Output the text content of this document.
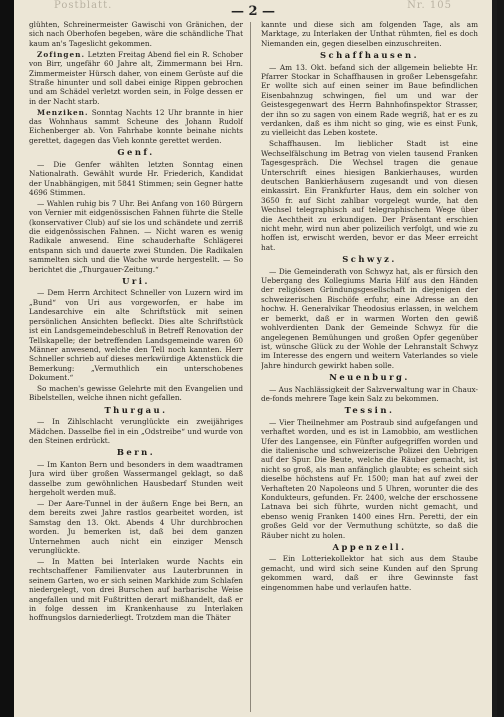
Postblatt.	Nr. 105
— 2 —

glühten, Schreinermeister Gawischi von Gränichen, der sich nach Oberhofen begeben, wäre die schändliche That kaum an's Tageslicht gekommen.

Zofingen. Letzten Freitag Abend fiel ein R. Schober von Birr, ungefähr 60 Jahre alt, Zimmermann bei Hrn. Zimmermeister Hürsch daher, von einem Gerüste auf die Straße hinunter und soll dabei einige Rippen gebrochen und am Schädel verletzt worden sein, in Folge dessen er in der Nacht starb.

Menziken. Sonntag Nachts 12 Uhr brannte in hier das Wohnhaus sammt Scheune des Johann Rudolf Eichenberger ab. Von Fahrhabe konnte beinahe nichts gerettet, dagegen das Vieh konnte gerettet werden.

Genf.

— Die Genfer wählten letzten Sonntag einen Nationalrath. Gewählt wurde Hr. Friederich, Kandidat der Unabhängigen, mit 5841 Stimmen; sein Gegner hatte 4696 Stimmen.

— Wahlen ruhig bis 7 Uhr. Bei Anfang von 160 Bürgern von Vernier mit eidgenössischen Fahnen führte die Stelle (konservativer Club) auf sie los und schändete und zerriß die eidgenössischen Fahnen. — Nicht waren es wenig Radikale anwesend. Eine schauderhafte Schlägerei entspann sich und dauerte zwei Stunden. Die Radikalen sammelten sich und die Wache wurde hergestellt. — So berichtet die „Thurgauer-Zeitung.“

Uri.

— Dem Herrn Architect Schneller von Luzern wird im „Bund“ von Uri aus vorgeworfen, er habe im Landesarchive ein alte Schriftstück mit seinen persönlichen Ansichten befleckt. Dies alte Schriftstück ist ein Landsgemeindebeschluß in Betreff Renovation der Tellskapelle; der betreffenden Landsgemeinde waren 60 Männer anwesend, welche den Tell noch kannten. Herr Schneller schrieb auf dieses merkwürdige Aktenstück die Bemerkung: „Vermuthlich ein unterschobenes Dokument.“

So machen's gewisse Gelehrte mit den Evangelien und Bibelstellen, welche ihnen nicht gefallen.

Thurgau.

— In Zihlschlacht verunglückte ein zweijähriges Mädchen. Dasselbe fiel in ein „Odstreibe“ und wurde von den Steinen erdrückt.

Bern.

— Im Kanton Bern und besonders in dem waadtramen Jura wird über großen Wassermangel geklagt, so daß dasselbe zum gewöhnlichen Hausbedarf Stunden weit hergeholt werden muß.

— Der Aare-Tunnel in der äußern Enge bei Bern, an dem bereits zwei Jahre rastlos gearbeitet worden, ist Samstag den 13. Okt. Abends 4 Uhr durchbrochen worden. Ju bemerken ist, daß bei dem ganzen Unternehmen auch nicht ein einziger Mensch verunglückte.

— In Matten bei Interlaken wurde Nachts ein rechtschaffener Familienvater aus Lauterbrunnen in seinem Garten, wo er sich seinen Markhide zum Schlafen niedergelegt, von drei Burschen auf barbarische Weise angefallen und mit Fußtritten derart mißhandelt, daß er in folge dessen im Krankenhause zu Interlaken hoffnungslos darniederliegt. Trotzdem man die Thäter

kannte und diese sich am folgenden Tage, als am Marktage, zu Interlaken der Unthat rühmten, fiel es doch Niemanden ein, gegen dieselben einzuschreiten.

Schaffhausen.

— Am 13. Okt. befand sich der allgemein beliebte Hr. Pfarrer Stockar in Schaffhausen in großer Lebensgefahr. Er wollte sich auf einen seiner im Baue befindlichen Eisenbahnzug schwingen, fiel um und war der Geistesgegenwart des Herrn Bahnhofinspektor Strasser, der ihn so zu sagen von einem Rade wegriß, hat er es zu verdanken, daß es ihm nicht so ging, wie es einst Funk, zu vielleicht das Leben kostete.

Schaffhausen. Im lieblicher Stadt ist eine Wechselfälschung im Betrag von vielen tausend Franken Tagesgespräch. Die Wechsel tragen die genaue Unterschrift eines hiesigen Bankierhauses, wurden deutschen Bankierhäusern zugesandt und von diesen einkassirt. Ein Frankfurter Haus, dem ein solcher von 3650 fr. auf Sicht zahlbar vorgelegt wurde, hat den Wechsel telegraphisch auf telegraphischem Wege über die Aechtheit zu erkundigen. Der Präsentant erschien nicht mehr, wird nun aber polizeilich verfolgt, und wie zu hoffen ist, erwischt werden, bevor er das Meer erreicht hat.

Schwyz.

— Die Gemeinderath von Schwyz hat, als er fürsich den Uebergang des Kollegiums Maria Hilf aus den Händen der religiösen Gründungsgesellschaft in diejenigen der schweizerischen Bischöfe erfuhr, eine Adresse an den hochw. H. Generalvikar Theodosius erlassen, in welchem er bemerkt, daß er in warmen Worten den gewiß wohlverdienten Dank der Gemeinde Schwyz für die angelegenen Bemühungen und großen Opfer gegenüber ist, wünsche Glück zu der Wohle der Lehranstalt Schwyz im Interesse des engern und weitern Vaterlandes so viele Jahre hindurch gewirkt haben solle.

Neuenburg.

— Aus Nachlässigkeit der Salzverwaltung war in Chaux-de-fonds mehrere Tage kein Salz zu bekommen.

Tessin.

— Vier Theilnehmer am Postraub sind aufgefangen und verhaftet worden, und es ist in Lamobbio, am westlichen Ufer des Langensee, ein Fünfter aufgegriffen worden und die italienische und schweizerische Polizei den Uebrigen auf der Spur. Die Beute, welche die Räuber gemacht, ist nicht so groß, als man anfänglich glaubte; es scheint sich dieselbe höchstens auf Fr. 1500; man hat auf zwei der Verhafteten 20 Napoleons und 5 Uhren, worunter die des Kondukteurs, gefunden. Fr. 2400, welche der erschossene Latnava bei sich führte, wurden nicht gemacht, und ebenso wenig Franken 1400 eines Hrn. Peretti, der ein großes Geld vor der Vermuthung schützte, so daß die Räuber nicht zu holen.

Appenzell.

— Ein Lotteriekollektor hat sich aus dem Staube gemacht, und wird sich seine Kunden auf den Sprung gekommen ward, daß er ihre Gewinnste fast eingenommen habe und verlaufen hatte.
